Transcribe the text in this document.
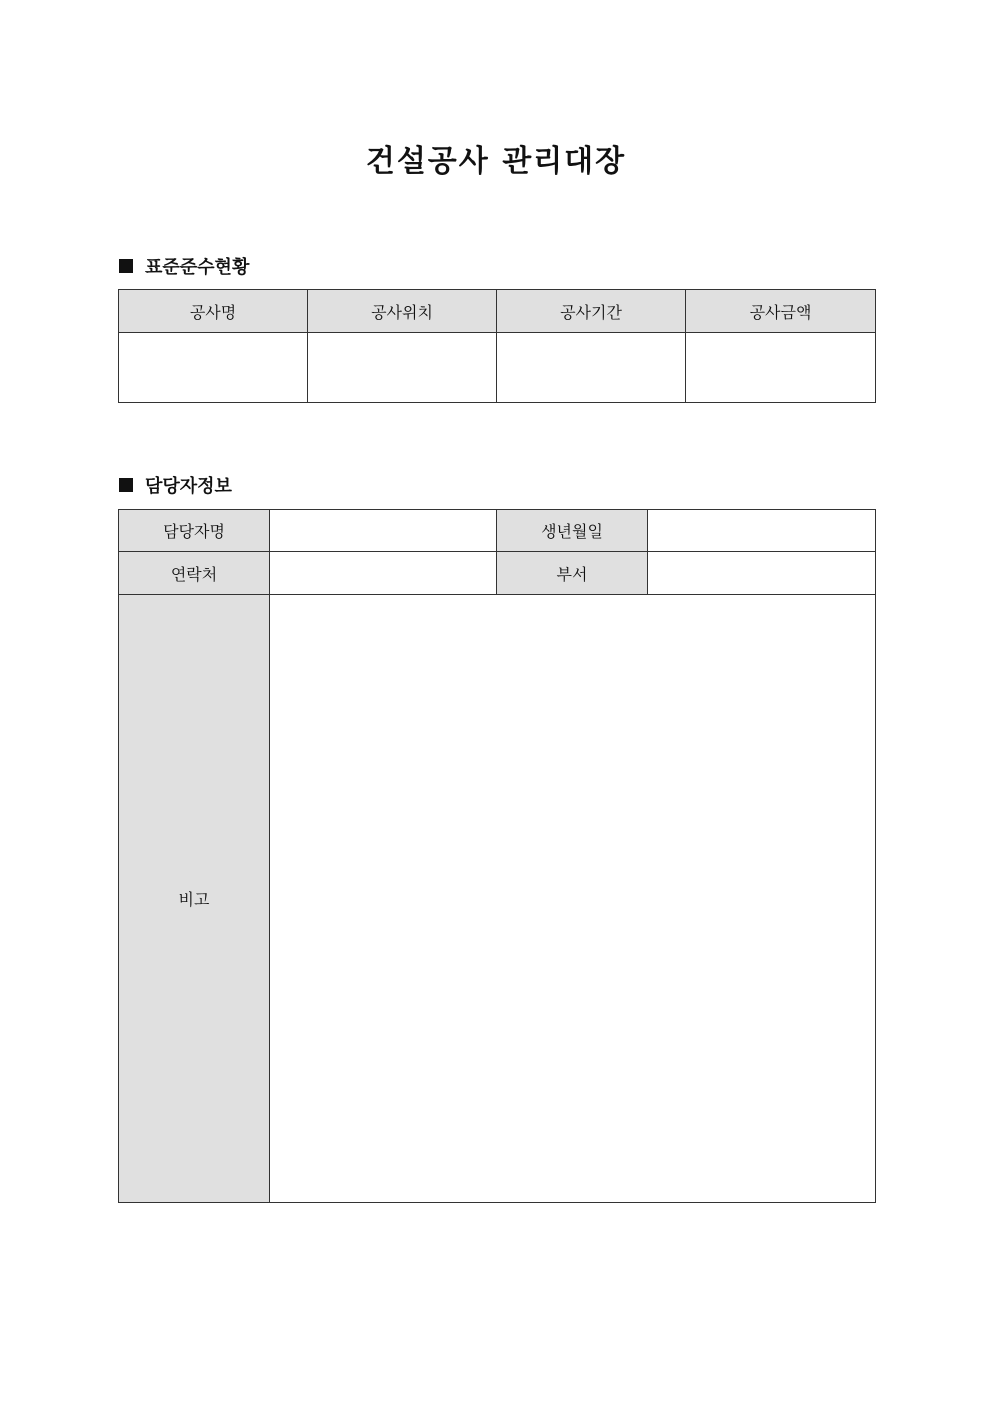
건설공사 관리대장
표준준수현황
공사명	공사위치	공사기간	공사금액

담당자정보
담당자명		생년월일	
연락처		부서	
비고			
